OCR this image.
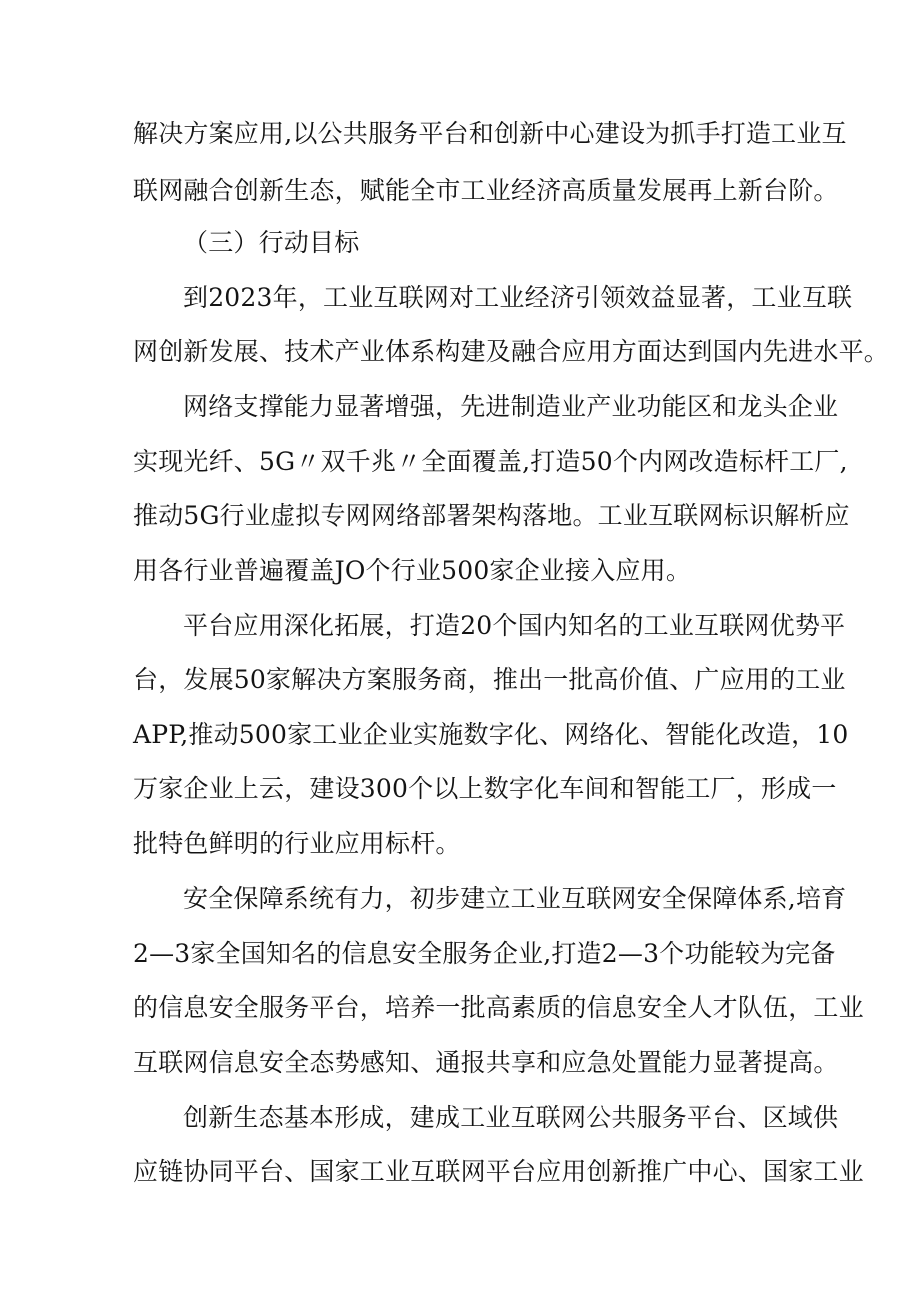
解决方案应用,以公共服务平台和创新中心建设为抓手打造工业互
联网融合创新生态，赋能全市工业经济高质量发展再上新台阶。
（三）行动目标
到2023年，工业互联网对工业经济引领效益显著，工业互联
网创新发展、技术产业体系构建及融合应用方面达到国内先进水平。
网络支撑能力显著增强，先进制造业产业功能区和龙头企业
实现光纤、5G〃双千兆〃全面覆盖,打造50个内网改造标杆工厂,
推动5G行业虚拟专网网络部署架构落地。工业互联网标识解析应
用各行业普遍覆盖JO个行业500家企业接入应用。
平台应用深化拓展，打造20个国内知名的工业互联网优势平
台，发展50家解决方案服务商，推出一批高价值、广应用的工业
APP,推动500家工业企业实施数字化、网络化、智能化改造，10
万家企业上云，建设300个以上数字化车间和智能工厂，形成一
批特色鲜明的行业应用标杆。
安全保障系统有力，初步建立工业互联网安全保障体系,培育
2—3家全国知名的信息安全服务企业,打造2—3个功能较为完备
的信息安全服务平台，培养一批高素质的信息安全人才队伍，工业
互联网信息安全态势感知、通报共享和应急处置能力显著提高。
创新生态基本形成，建成工业互联网公共服务平台、区域供
应链协同平台、国家工业互联网平台应用创新推广中心、国家工业
